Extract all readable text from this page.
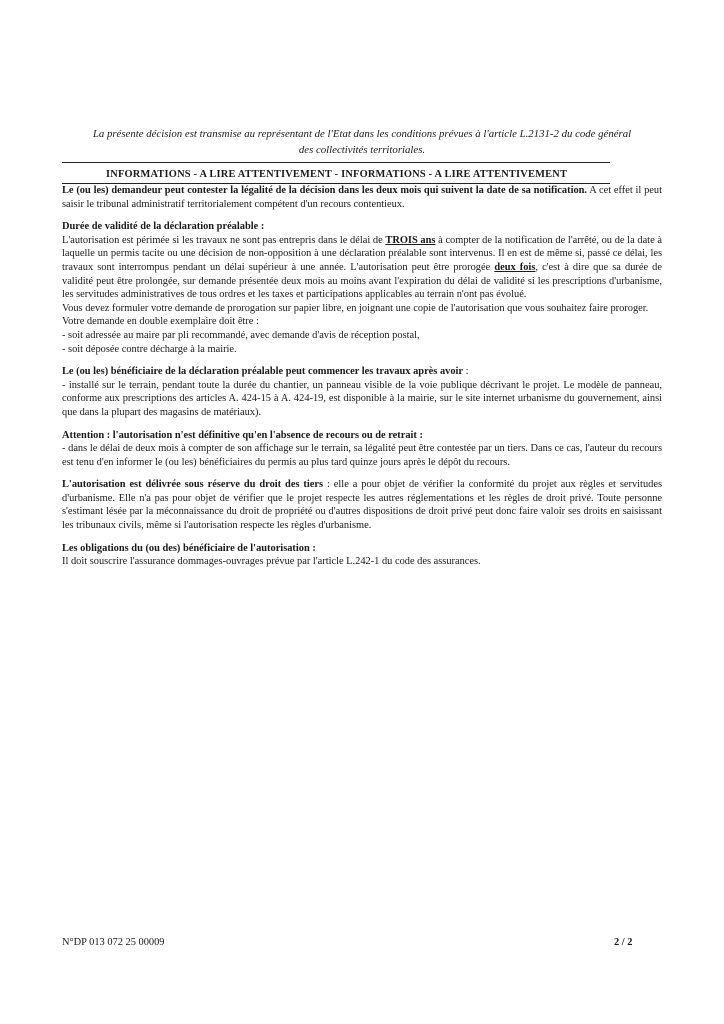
La présente décision est transmise au représentant de l'Etat dans les conditions prévues à l'article L.2131-2 du code général
des collectivités territoriales.
INFORMATIONS - A LIRE ATTENTIVEMENT - INFORMATIONS - A LIRE ATTENTIVEMENT

Le (ou les) demandeur peut contester la légalité de la décision dans les deux mois qui suivent la date de sa notification. A cet effet il peut saisir le tribunal administratif territorialement compétent d'un recours contentieux.

Durée de validité de la déclaration préalable :

L'autorisation est périmée si les travaux ne sont pas entrepris dans le délai de TROIS ans à compter de la notification de l'arrêté, ou de la date à laquelle un permis tacite ou une décision de non-opposition à une déclaration préalable sont intervenus. Il en est de même si, passé ce délai, les travaux sont interrompus pendant un délai supérieur à une année. L'autorisation peut être prorogée deux fois, c'est à dire que sa durée de validité peut être prolongée, sur demande présentée deux mois au moins avant l'expiration du délai de validité si les prescriptions d'urbanisme, les servitudes administratives de tous ordres et les taxes et participations applicables au terrain n'ont pas évolué.

Vous devez formuler votre demande de prorogation sur papier libre, en joignant une copie de l'autorisation que vous souhaitez faire proroger. Votre demande en double exemplaire doit être :

- soit adressée au maire par pli recommandé, avec demande d'avis de réception postal,

- soit déposée contre décharge à la mairie.

Le (ou les) bénéficiaire de la déclaration préalable peut commencer les travaux après avoir :

- installé sur le terrain, pendant toute la durée du chantier, un panneau visible de la voie publique décrivant le projet. Le modèle de panneau, conforme aux prescriptions des articles A. 424-15 à A. 424-19, est disponible à la mairie, sur le site internet urbanisme du gouvernement, ainsi que dans la plupart des magasins de matériaux).

Attention : l'autorisation n'est définitive qu'en l'absence de recours ou de retrait :

- dans le délai de deux mois à compter de son affichage sur le terrain, sa légalité peut être contestée par un tiers. Dans ce cas, l'auteur du recours est tenu d'en informer le (ou les) bénéficiaires du permis au plus tard quinze jours après le dépôt du recours.

L'autorisation est délivrée sous réserve du droit des tiers : elle a pour objet de vérifier la conformité du projet aux règles et servitudes d'urbanisme. Elle n'a pas pour objet de vérifier que le projet respecte les autres réglementations et les règles de droit privé. Toute personne s'estimant lésée par la méconnaissance du droit de propriété ou d'autres dispositions de droit privé peut donc faire valoir ses droits en saisissant les tribunaux civils, même si l'autorisation respecte les règles d'urbanisme.

Les obligations du (ou des) bénéficiaire de l'autorisation :

Il doit souscrire l'assurance dommages-ouvrages prévue par l'article L.242-1 du code des assurances.

N°DP 013 072 25 00009	2 / 2
